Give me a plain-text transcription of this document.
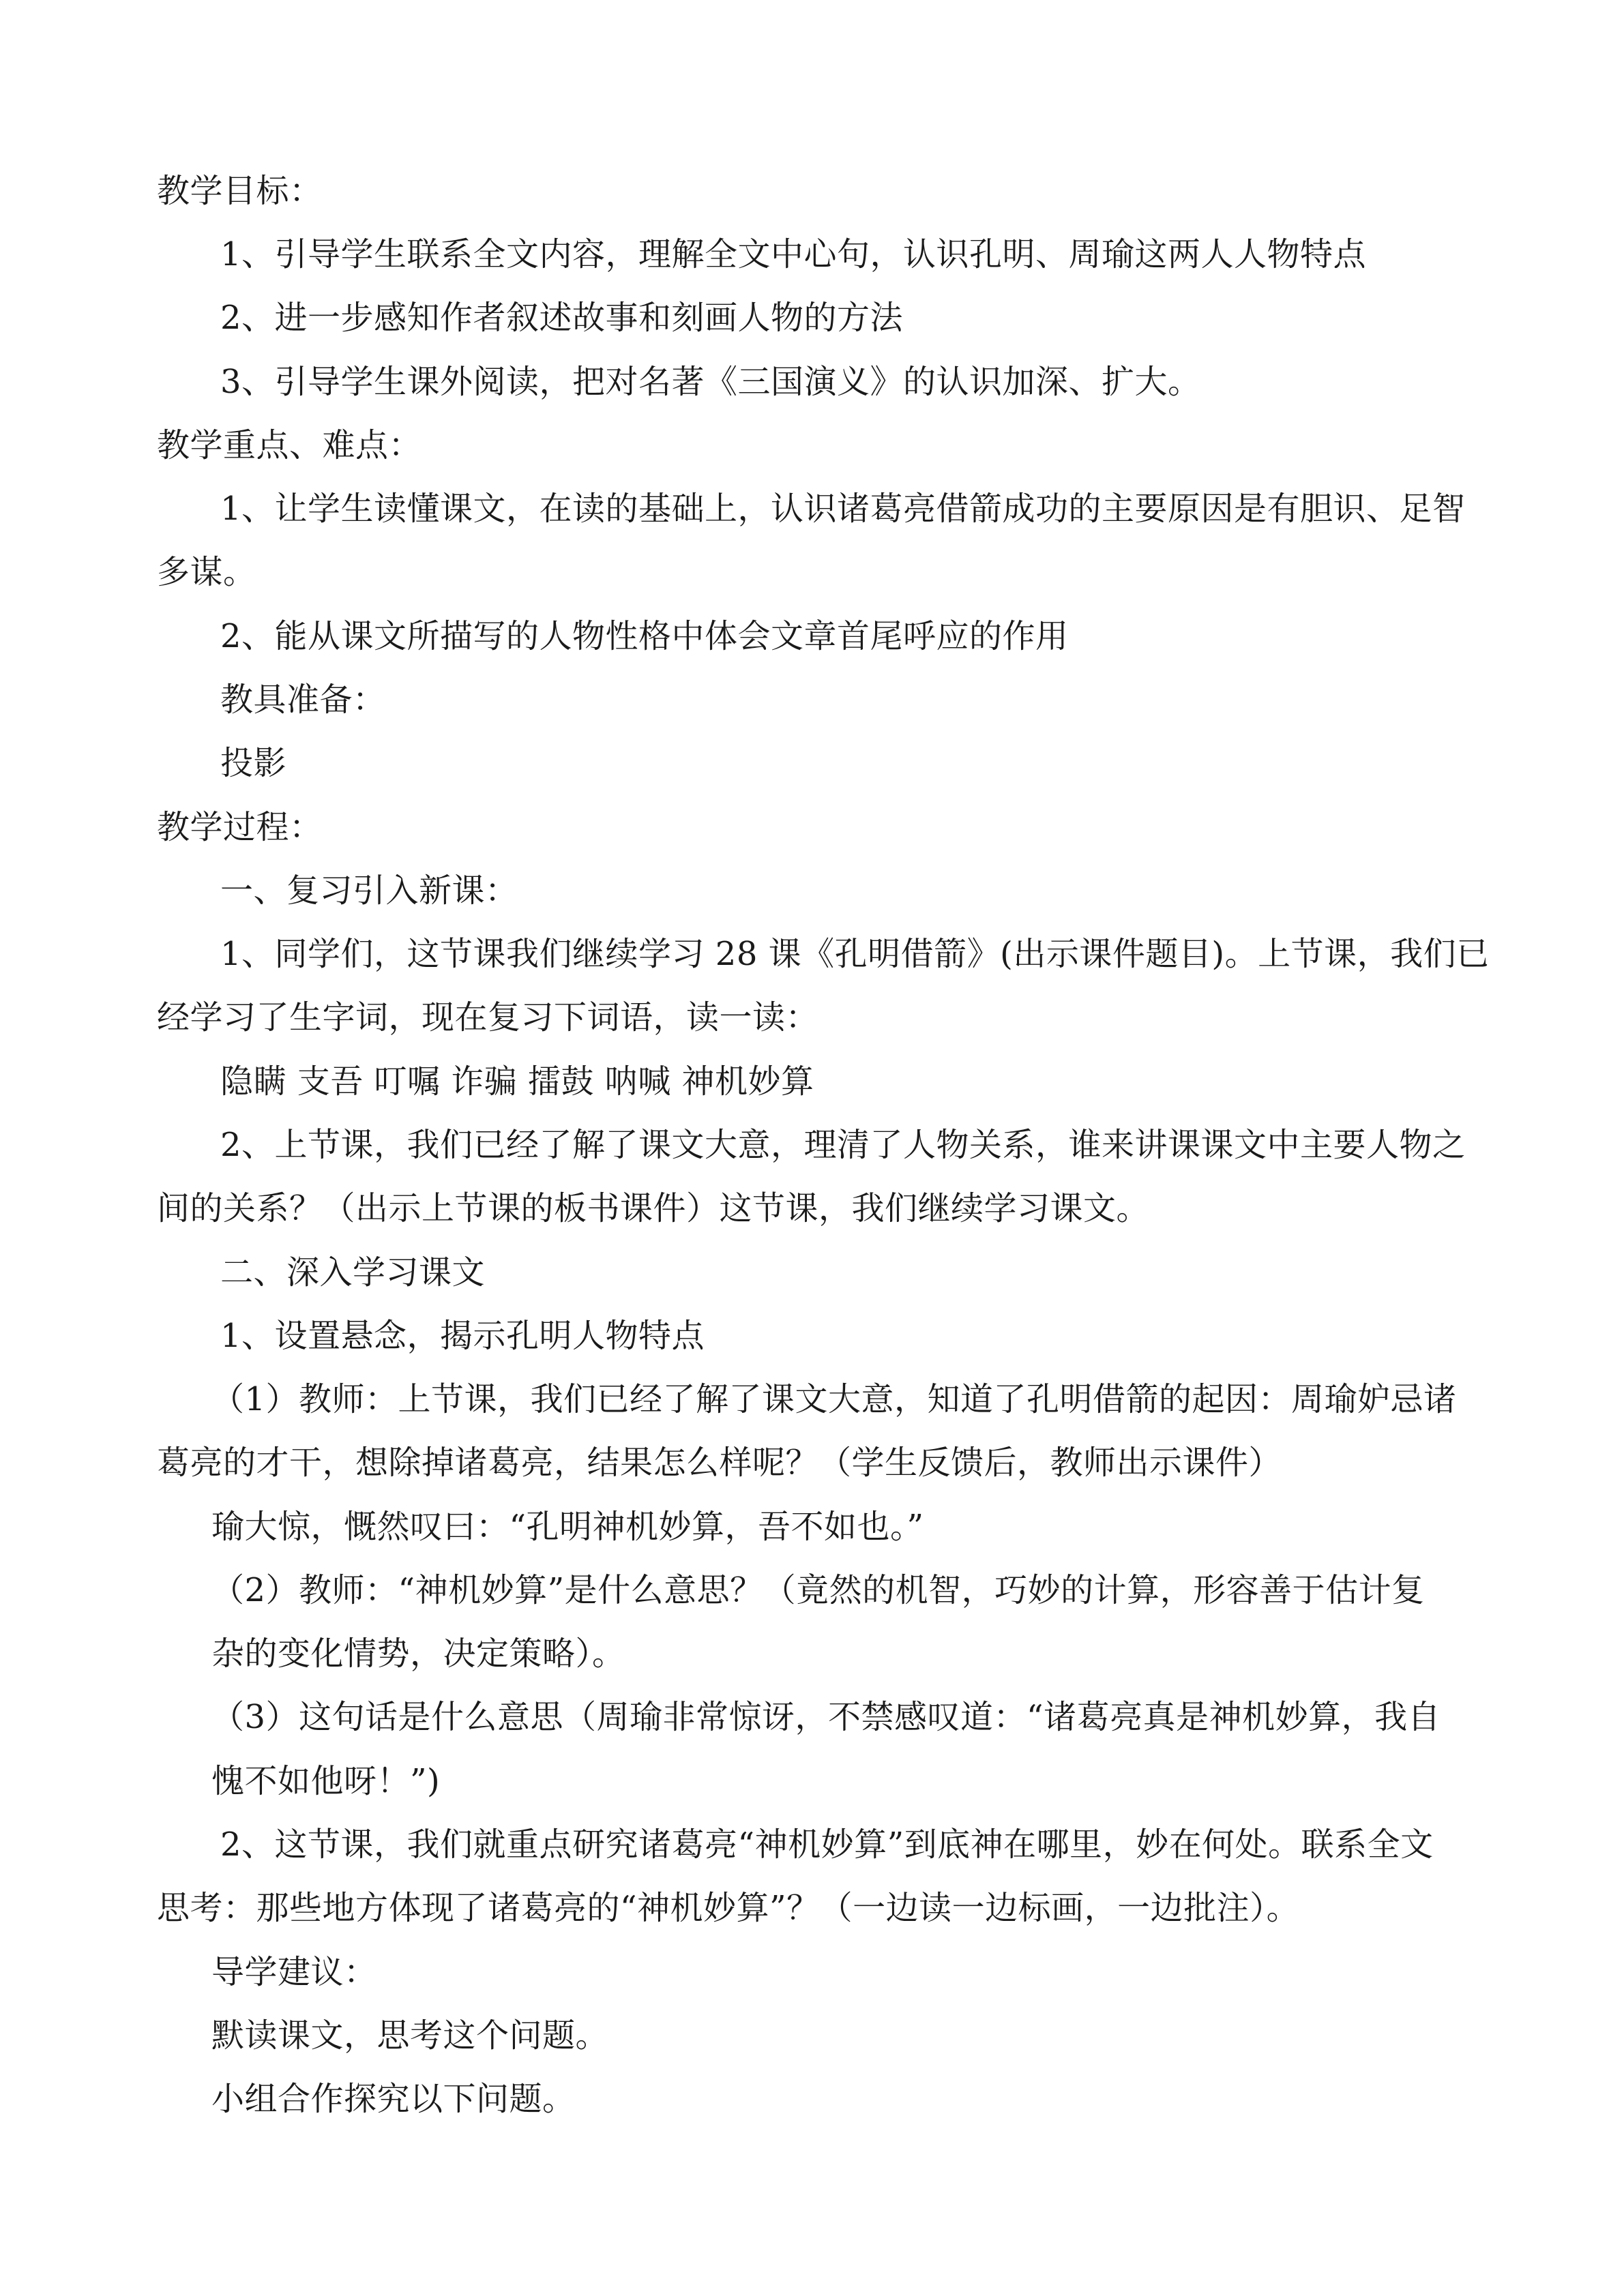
教学目标：
1、引导学生联系全文内容，理解全文中心句，认识孔明、周瑜这两人人物特点
2、进一步感知作者叙述故事和刻画人物的方法
3、引导学生课外阅读，把对名著《三国演义》的认识加深、扩大。
教学重点、难点：
1、让学生读懂课文，在读的基础上，认识诸葛亮借箭成功的主要原因是有胆识、足智
多谋。
2、能从课文所描写的人物性格中体会文章首尾呼应的作用
教具准备：
投影
教学过程：
一、复习引入新课：
1、同学们，这节课我们继续学习 28 课《孔明借箭》(出示课件题目)。上节课，我们已
经学习了生字词，现在复习下词语，读一读：
隐瞒 支吾 叮嘱 诈骗 擂鼓 呐喊 神机妙算
2、上节课，我们已经了解了课文大意，理清了人物关系，谁来讲课课文中主要人物之
间的关系？（出示上节课的板书课件）这节课，我们继续学习课文。
二、深入学习课文
1、设置悬念，揭示孔明人物特点
（1）教师：上节课，我们已经了解了课文大意，知道了孔明借箭的起因：周瑜妒忌诸
葛亮的才干，想除掉诸葛亮，结果怎么样呢？（学生反馈后，教师出示课件）
瑜大惊，慨然叹曰：“孔明神机妙算，吾不如也。”
（2）教师：“神机妙算”是什么意思？（竟然的机智，巧妙的计算，形容善于估计复
杂的变化情势，决定策略）。
（3）这句话是什么意思（周瑜非常惊讶，不禁感叹道：“诸葛亮真是神机妙算，我自
愧不如他呀！”)
2、这节课，我们就重点研究诸葛亮“神机妙算”到底神在哪里，妙在何处。联系全文
思考：那些地方体现了诸葛亮的“神机妙算”？（一边读一边标画，一边批注）。
导学建议：
默读课文，思考这个问题。
小组合作探究以下问题。
